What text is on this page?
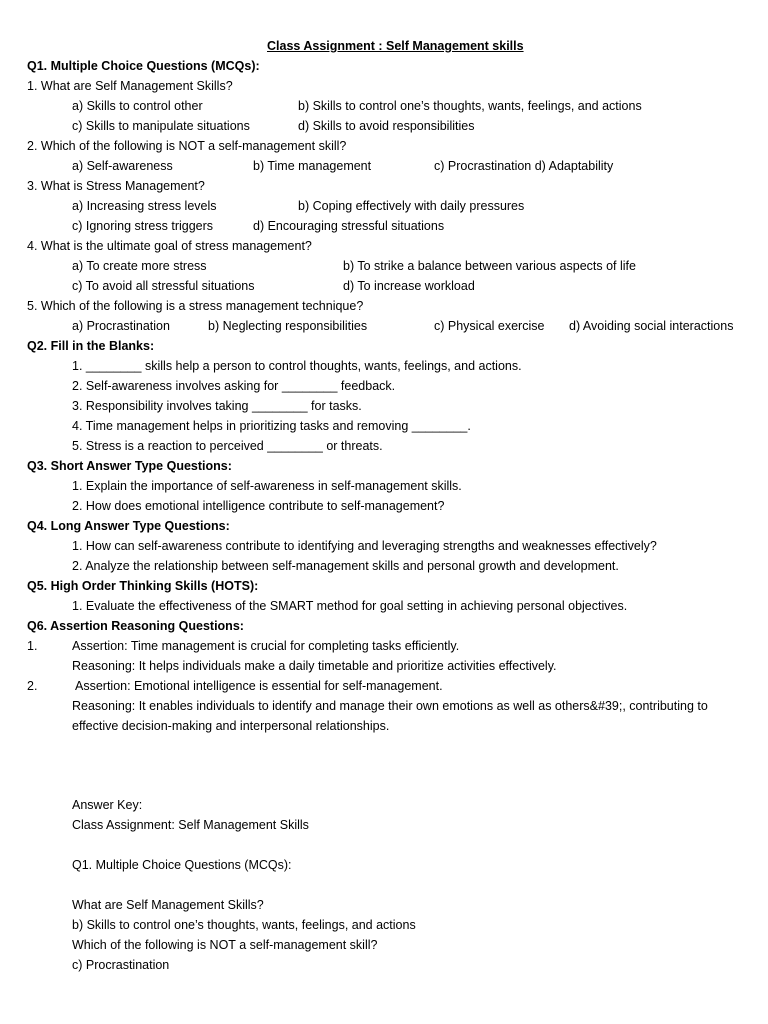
Class Assignment : Self Management skills
Q1. Multiple Choice Questions (MCQs):
1. What are Self Management Skills?
a) Skills to control other	b) Skills to control one’s thoughts, wants, feelings, and actions
c) Skills to manipulate situations	d) Skills to avoid responsibilities
2. Which of the following is NOT a self-management skill?
a) Self-awareness	b) Time management	c) Procrastination d) Adaptability
3. What is Stress Management?
a) Increasing stress levels	b) Coping effectively with daily pressures
c) Ignoring stress triggers	d) Encouraging stressful situations
4. What is the ultimate goal of stress management?
a) To create more stress	b) To strike a balance between various aspects of life
c) To avoid all stressful situations	d) To increase workload
5. Which of the following is a stress management technique?
a) Procrastination	b) Neglecting responsibilities	c) Physical exercise d) Avoiding social interactions
Q2. Fill in the Blanks:
1. ________ skills help a person to control thoughts, wants, feelings, and actions.
2. Self-awareness involves asking for ________ feedback.
3. Responsibility involves taking ________ for tasks.
4. Time management helps in prioritizing tasks and removing ________.
5. Stress is a reaction to perceived ________ or threats.
Q3. Short Answer Type Questions:
1. Explain the importance of self-awareness in self-management skills.
2. How does emotional intelligence contribute to self-management?
Q4. Long Answer Type Questions:
1. How can self-awareness contribute to identifying and leveraging strengths and weaknesses effectively?
2. Analyze the relationship between self-management skills and personal growth and development.
Q5. High Order Thinking Skills (HOTS):
1. Evaluate the effectiveness of the SMART method for goal setting in achieving personal objectives.
Q6. Assertion Reasoning Questions:
1.	Assertion: Time management is crucial for completing tasks efficiently.
Reasoning: It helps individuals make a daily timetable and prioritize activities effectively.
2.	Assertion: Emotional intelligence is essential for self-management.
Reasoning: It enables individuals to identify and manage their own emotions as well as others&#39;, contributing to
effective decision-making and interpersonal relationships.
Answer Key:
Class Assignment: Self Management Skills
Q1. Multiple Choice Questions (MCQs):
What are Self Management Skills?
b) Skills to control one’s thoughts, wants, feelings, and actions
Which of the following is NOT a self-management skill?
c) Procrastination
